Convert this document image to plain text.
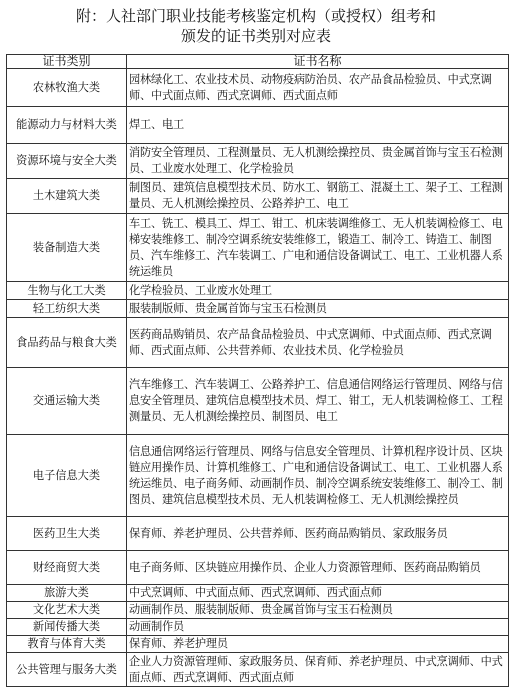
附：人社部门职业技能考核鉴定机构（或授权）组考和
颁发的证书类别对应表
证书类别	证书名称
农林牧渔大类	园林绿化工、农业技术员、动物疫病防治员、农产品食品检验员、中式烹调师、中式面点师、西式烹调师、西式面点师
能源动力与材料大类	焊工、电工
资源环境与安全大类	消防安全管理员、工程测量员、无人机测绘操控员、贵金属首饰与宝玉石检测员、工业废水处理工、化学检验员
土木建筑大类	制图员、建筑信息模型技术员、防水工、钢筋工、混凝土工、架子工、工程测量员、无人机测绘操控员、公路养护工、电工
装备制造大类	车工、铣工、模具工、焊工、钳工、机床装调维修工、无人机装调检修工、电梯安装维修工、制冷空调系统安装维修工，锻造工、制冷工、铸造工、制图员、汽车维修工、汽车装调工、广电和通信设备调试工、电工、工业机器人系统运维员
生物与化工大类	化学检验员、工业废水处理工
轻工纺织大类	服装制版师、贵金属首饰与宝玉石检测员
食品药品与粮食大类	医药商品购销员、农产品食品检验员、中式烹调师、中式面点师、西式烹调师、西式面点师、公共营养师、农业技术员、化学检验员
交通运输大类	汽车维修工、汽车装调工、公路养护工、信息通信网络运行管理员、网络与信息安全管理员、建筑信息模型技术员、焊工、钳工，无人机装调检修工、工程测量员、无人机测绘操控员、制图员、电工
电子信息大类	信息通信网络运行管理员、网络与信息安全管理员、计算机程序设计员、区块链应用操作员、计算机维修工、广电和通信设备调试工、电工、工业机器人系统运维员、电子商务师、动画制作员、制冷空调系统安装维修工、制冷工、制图员、建筑信息模型技术员、无人机装调检修工、无人机测绘操控员
医药卫生大类	保育师、养老护理员、公共营养师、医药商品购销员、家政服务员
财经商贸大类	电子商务师、区块链应用操作员、企业人力资源管理师、医药商品购销员
旅游大类	中式烹调师、中式面点师、西式烹调师、西式面点师
文化艺术大类	动画制作员、服装制版师、贵金属首饰与宝玉石检测员
新闻传播大类	动画制作员
教育与体育大类	保育师、养老护理员
公共管理与服务大类	企业人力资源管理师、家政服务员、保育师、养老护理员、中式烹调师、中式面点师、西式烹调师、西式面点师
